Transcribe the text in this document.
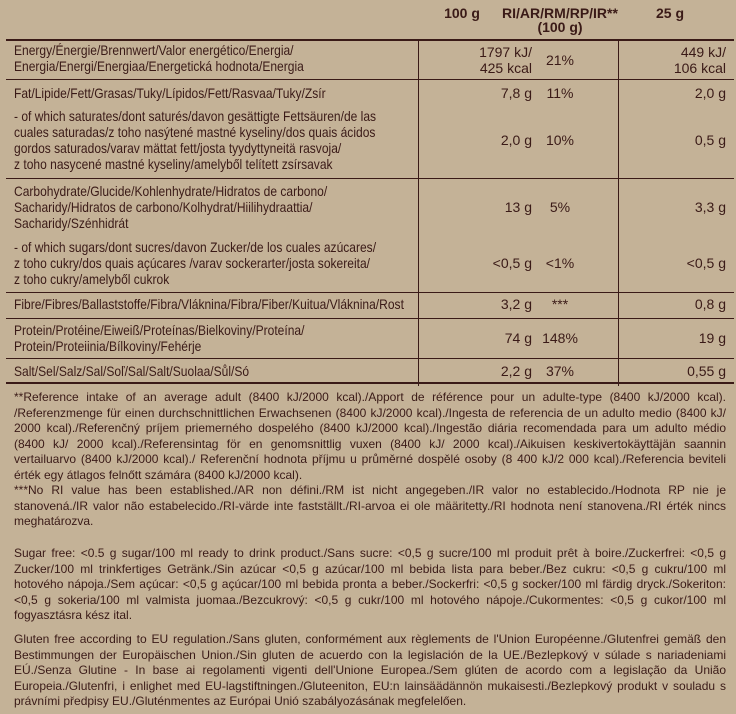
100 g	RI/AR/RM/RP/IR**
(100 g)
25 g
Energy/Énergie/Brennwert/Valor energético/Energia/
Energia/Energi/Energiaa/Energetická hodnota/Energia
1797 kJ/
425 kcal 21%	449 kJ/
106 kcal
Fat/Lipide/Fett/Grasas/Tuky/Lípidos/Fett/Rasvaa/Tuky/Zsír	7,8 g	11%	2,0 g
- of which saturates/dont saturés/davon gesättigte Fettsäuren/de las
cuales saturadas/z toho nasýtené mastné kyseliny/dos quais ácidos
gordos saturados/varav mättat fett/josta tyydyttyneitä rasvoja/
z toho nasycené mastné kyseliny/amelyből telített zsírsavak
2,0 g 10%	0,5 g
Carbohydrate/Glucide/Kohlenhydrate/Hidratos de carbono/
Sacharidy/Hidratos de carbono/Kolhydrat/Hiilihydraattia/
Sacharidy/Szénhidrát
13 g	5%	3,3 g
- of which sugars/dont sucres/davon Zucker/de los cuales azúcares/
z toho cukry/dos quais açúcares /varav sockerarter/josta sokereita/
z toho cukry/amelyből cukrok
<0,5 g <1%	<0,5 g
Fibre/Fibres/Ballaststoffe/Fibra/Vláknina/Fibra/Fiber/Kuitua/Vláknina/Rost	3,2 g	***	0,8 g
Protein/Protéine/Eiweiß/Proteínas/Bielkoviny/Proteína/
Protein/Proteiinia/Bílkoviny/Fehérje	74 g 148%	19 g
Salt/Sel/Salz/Sal/Soľ/Sal/Salt/Suolaa/Sůl/Só	2,2 g 37%	0,55 g
**Reference intake of an average adult (8400 kJ/2000 kcal)./Apport de référence pour un adulte-type (8400 kJ/2000 kcal). /Referenzmenge für einen durchschnittlichen Erwachsenen (8400 kJ/2000 kcal)./Ingesta de referencia de un adulto medio (8400 kJ/ 2000 kcal)./Referenčný príjem priemerného dospelého (8400 kJ/2000 kcal)./Ingestão diária recomendada para um adulto médio (8400 kJ/ 2000 kcal)./Referensintag för en genomsnittlig vuxen (8400 kJ/ 2000 kcal)./Aikuisen keskivertokäyttäjän saannin vertailuarvo (8400 kJ/2000 kcal)./ Referenční hodnota příjmu u průměrné dospělé osoby (8 400 kJ/2 000 kcal)./Referencia beviteli érték egy átlagos felnőtt számára (8400 kJ/2000 kcal).
***No RI value has been established./AR non défini./RM ist nicht angegeben./IR valor no establecido./Hodnota RP nie je stanovená./IR valor não estabelecido./RI-värde inte fastställt./RI-arvoa ei ole määritetty./RI hodnota není stanovena./RI érték nincs meghatározva.
Sugar free: <0.5 g sugar/100 ml ready to drink product./Sans sucre: <0,5 g sucre/100 ml produit prêt à boire./Zuckerfrei: <0,5 g Zucker/100 ml trinkfertiges Getränk./Sin azúcar <0,5 g azúcar/100 ml bebida lista para beber./Bez cukru: <0,5 g cukru/100 ml hotového nápoja./Sem açúcar: <0,5 g açúcar/100 ml bebida pronta a beber./Sockerfri: <0,5 g socker/100 ml färdig dryck./Sokeriton: <0,5 g sokeria/100 ml valmista juomaa./Bezcukrový: <0,5 g cukr/100 ml hotového nápoje./Cukormentes: <0,5 g cukor/100 ml fogyasztásra kész ital.
Gluten free according to EU regulation./Sans gluten, conformément aux règlements de l'Union Européenne./Glutenfrei gemäß den Bestimmungen der Europäischen Union./Sin gluten de acuerdo con la legislación de la UE./Bezlepkový v súlade s nariadeniami EÚ./Senza Glutine - In base ai regolamenti vigenti dell'Unione Europea./Sem glúten de acordo com a legislação da União Europeia./Glutenfri, i enlighet med EU-lagstiftningen./Gluteeniton, EU:n lainsäädännön mukaisesti./Bezlepkový produkt v souladu s právními předpisy EU./Gluténmentes az Európai Unió szabályozásának megfelelően.
